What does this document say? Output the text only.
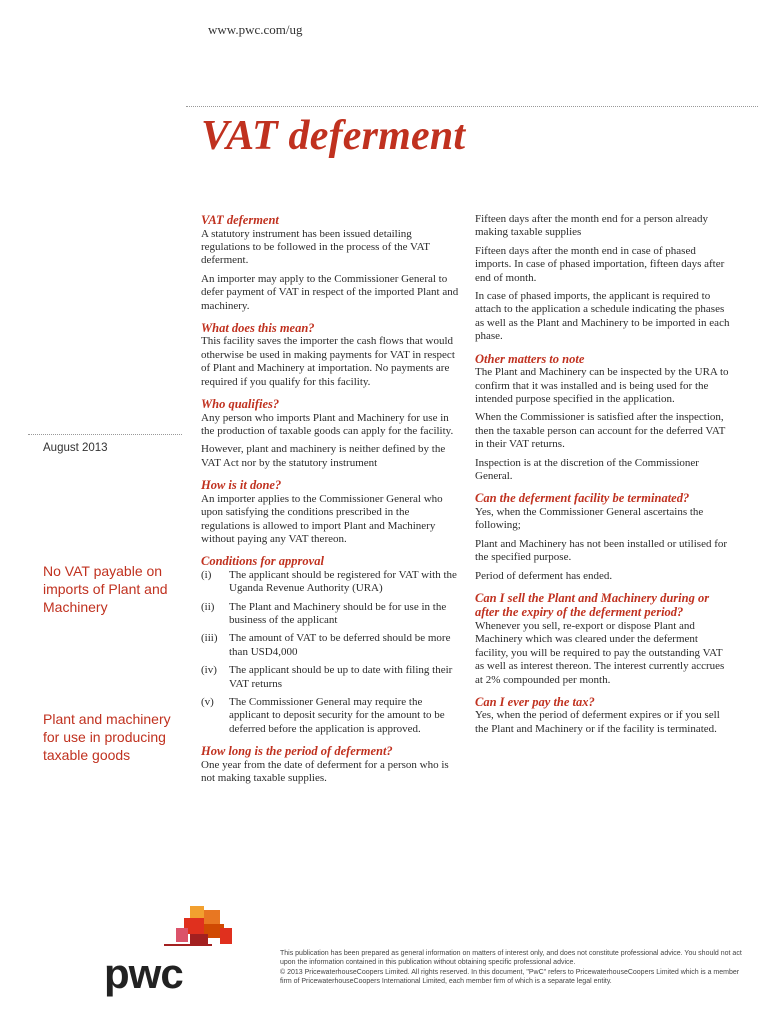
www.pwc.com/ug
VAT deferment
August 2013
No VAT payable on imports of Plant and Machinery
Plant and machinery for use in producing taxable goods
VAT deferment

A statutory instrument has been issued detailing regulations to be followed in the process of the VAT deferment.

An importer may apply to the Commissioner General to defer payment of VAT in respect of the imported Plant and machinery.

What does this mean?

This facility saves the importer the cash flows that would otherwise be used in making payments for VAT in respect of Plant and Machinery at importation. No payments are required if you qualify for this facility.

Who qualifies?

Any person who imports Plant and Machinery for use in the production of taxable goods can apply for the facility.

However, plant and machinery is neither defined by the VAT Act nor by the statutory instrument

How is it done?

An importer applies to the Commissioner General who upon satisfying the conditions prescribed in the regulations is allowed to import Plant and Machinery without paying any VAT thereon.

Conditions for approval
(i)	The applicant should be registered for VAT with the Uganda Revenue Authority (URA)
(ii)	The Plant and Machinery should be for use in the business of the applicant
(iii)	The amount of VAT to be deferred should be more than USD4,000
(iv)	The applicant should be up to date with filing their VAT returns
(v)	The Commissioner General may require the applicant to deposit security for the amount to be deferred before the application is approved.
How long is the period of deferment?

One year from the date of deferment for a person who is not making taxable supplies.

Fifteen days after the month end for a person already making taxable supplies

Fifteen days after the month end in case of phased imports. In case of phased importation, fifteen days after end of month.

In case of phased imports, the applicant is required to attach to the application a schedule indicating the phases as well as the Plant and Machinery to be imported in each phase.

Other matters to note

The Plant and Machinery can be inspected by the URA to confirm that it was installed and is being used for the intended purpose specified in the application.

When the Commissioner is satisfied after the inspection, then the taxable person can account for the deferred VAT in their VAT returns.

Inspection is at the discretion of the Commissioner General.

Can the deferment facility be terminated?

Yes, when the Commissioner General ascertains the following;

Plant and Machinery has not been installed or utilised for the specified purpose.

Period of deferment has ended.

Can I sell the Plant and Machinery during or after the expiry of the deferment period?

Whenever you sell, re-export or dispose Plant and Machinery which was cleared under the deferment facility, you will be required to pay the outstanding VAT as well as interest thereon. The interest currently accrues at 2% compounded per month.

Can I ever pay the tax?

Yes, when the period of deferment expires or if you sell the Plant and Machinery or if the facility is terminated.

pwc	This publication has been prepared as general information on matters of interest only, and does not constitute professional advice. You should not act upon the information contained in this publication without obtaining specific professional advice.

© 2013 PricewaterhouseCoopers Limited. All rights reserved. In this document, "PwC" refers to PricewaterhouseCoopers Limited which is a member firm of PricewaterhouseCoopers International Limited, each member firm of which is a separate legal entity.
